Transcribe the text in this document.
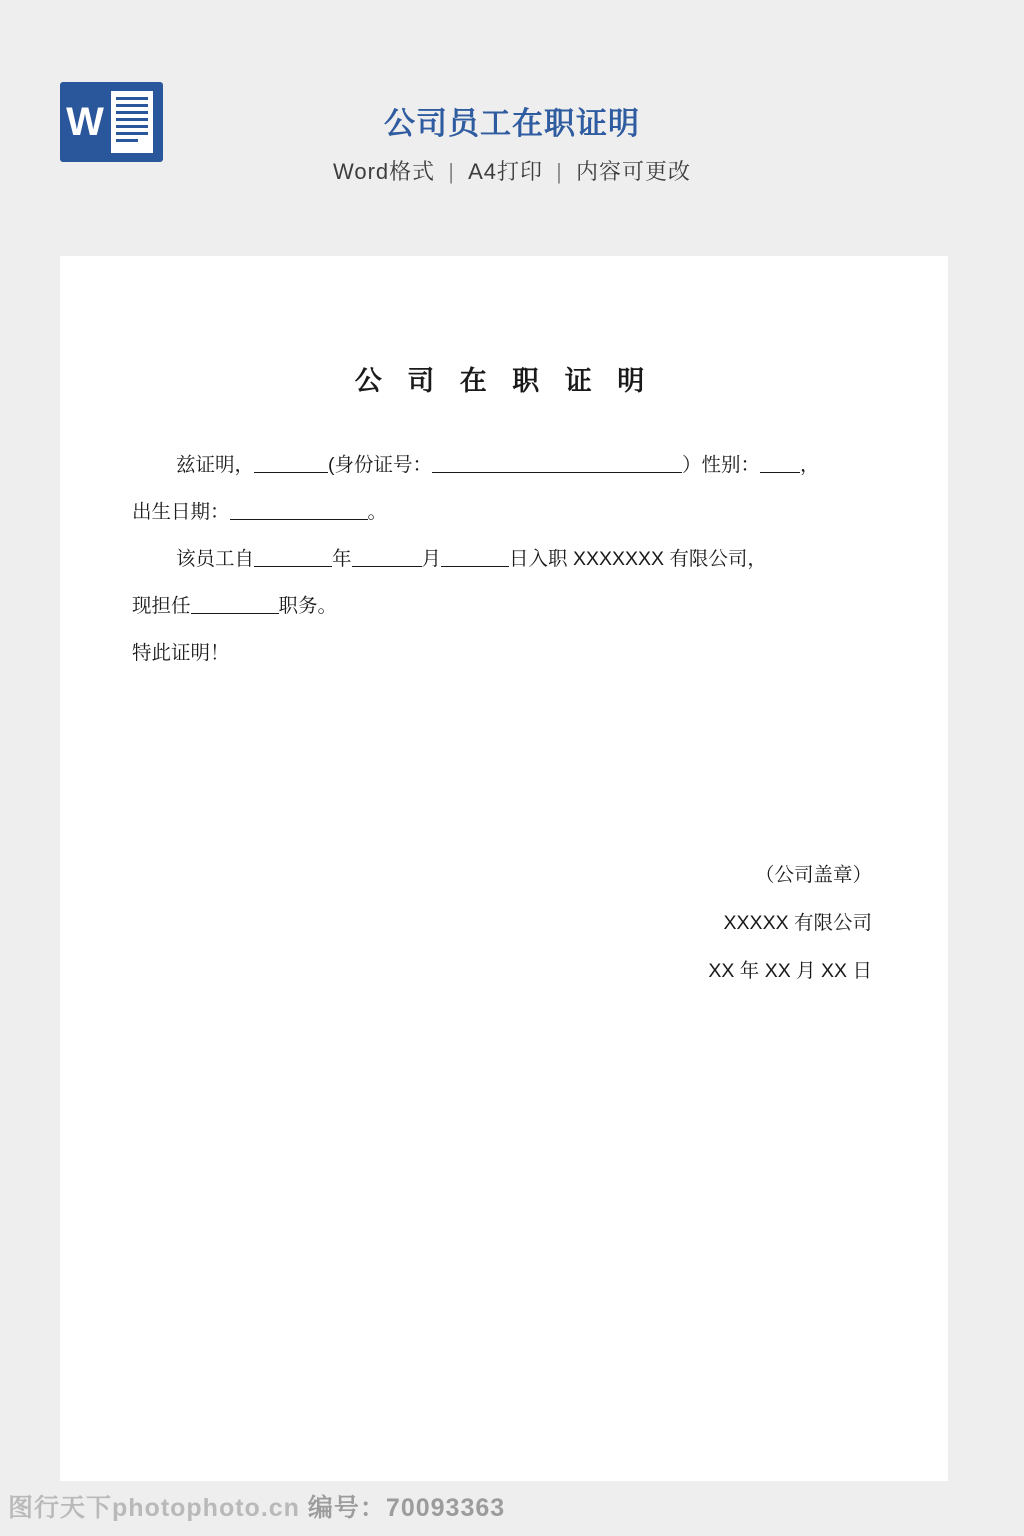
W	公司员工在职证明
Word格式 | A4打印 | 内容可更改
公 司 在 职 证 明

兹证明，	(身份证号：	）性别： ，

出生日期：	。

该员工自	年	月	日入职 XXXXXXX 有限公司，

现担任	职务。

特此证明！

（公司盖章）
XXXXX 有限公司
XX 年 XX 月 XX 日
图行天下photophoto.cn 编号：70093363
